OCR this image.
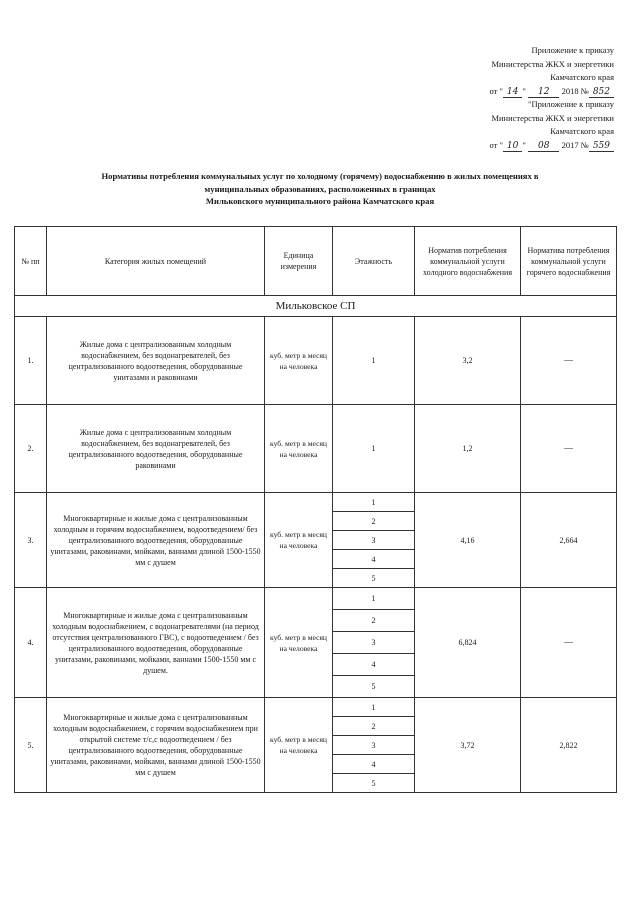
Приложение к приказу
Министерства ЖКХ и энергетики
Камчатского края
от " 14 " 12 2018 № 852
"Приложение к приказу
Министерства ЖКХ и энергетики
Камчатского края
от " 10 " 08 2017 № 559
Нормативы потребления коммунальных услуг по холодному (горячему) водоснабжению в жилых помещениях в
муниципальных образованиях, расположенных в границах
Мильковского муниципального района Камчатского края
№ пп	Категория жилых помещений	Единица измерения	Этажность	Норматив потребления коммунальной услуги холодного водоснабжения	Норматива потребления коммунальной услуги горячего водоснабжения
Мильковское СП					
1.	Жилые дома с централизованным холодным водоснабжением, без водонагревателей, без централизованного водоотведения, оборудованные унитазами и раковинами	куб. метр в месяц на человека	1	3,2	—
2.	Жилые дома с централизованным холодным водоснабжением, без водонагревателей, без централизованного водоотведения, оборудованные раковинами	куб. метр в месяц на человека	1	1,2	—
3.	Многоквартирные и жилые дома с централизованным холодным и горячим водоснабжением, водоотведением/ без централизованного водоотведения, оборудованные унитазами, раковинами, мойками, ваннами длиной 1500-1550 мм с душем	куб. метр в месяц на человека	1	4,16	2,664
			2		
			3		
			4		
			5		
4.	Многоквартирные и жилые дома с централизованным холодным водоснабжением, с водонагревателями (на период отсутствия централизованного ГВС), с водоотведением / без централизованного водоотведения, оборудованные унитазами, раковинами, мойками, ваннами 1500-1550 мм с душем.	куб. метр в месяц на человека	1	6,824	—
			2		
			3		
			4		
			5		
5.	Многоквартирные и жилые дома с централизованным холодным водоснабжением, с горячим водоснабжением при открытой системе т/с,с водоотведением / без централизованного водоотведения, оборудованные унитазами, раковинами, мойками, ваннами длиной 1500-1550 мм с душем	куб. метр в месяц на человека	1	3,72	2,822
			2		
			3		
			4		
			5		
